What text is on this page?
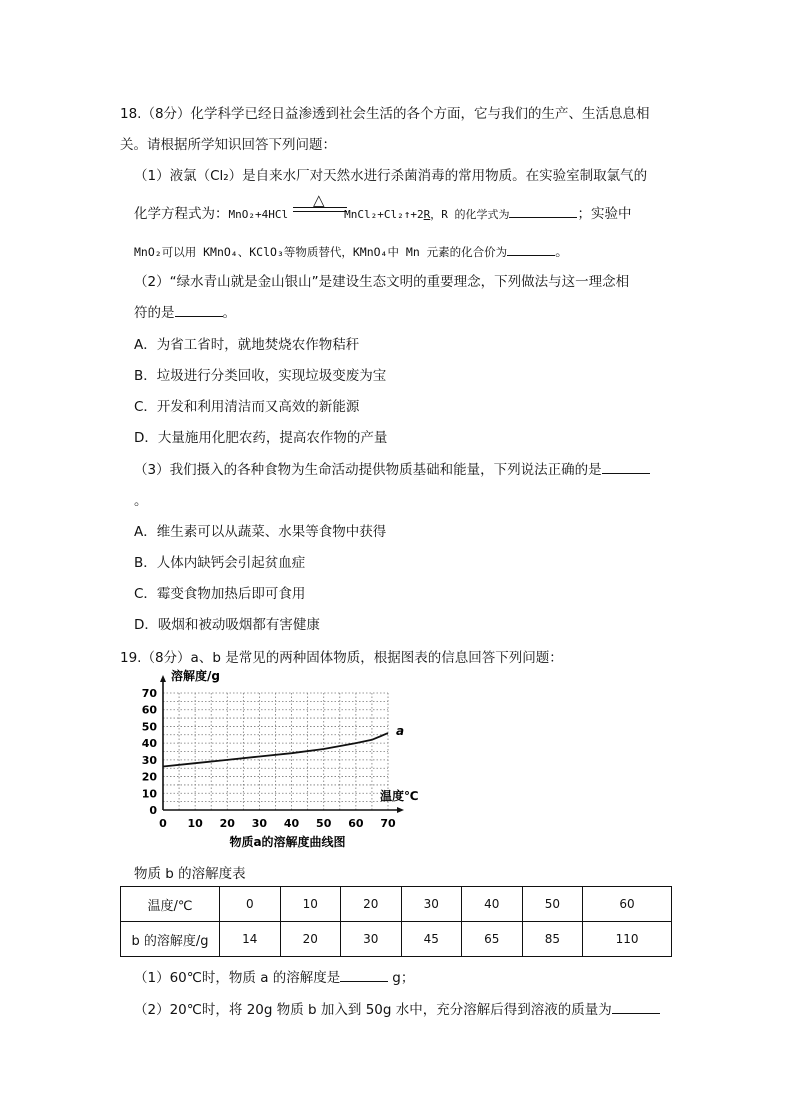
18.（8分）化学科学已经日益渗透到社会生活的各个方面，它与我们的生产、生活息息相
关。请根据所学知识回答下列问题：
（1）液氯（Cl₂）是自来水厂对天然水进行杀菌消毒的常用物质。在实验室制取氯气的
化学方程式为：MnO₂+4HCl	MnCl₂+Cl₂↑+2R，R 的化学式为	；实验中
△
MnO₂可以用 KMnO₄、KClO₃等物质替代，KMnO₄中 Mn 元素的化合价为	。
（2）“绿水青山就是金山银山”是建设生态文明的重要理念，下列做法与这一理念相
符的是	。
A．为省工省时，就地焚烧农作物秸秆
B．垃圾进行分类回收，实现垃圾变废为宝
C．开发和利用清洁而又高效的新能源
D．大量施用化肥农药，提高农作物的产量
（3）我们摄入的各种食物为生命活动提供物质基础和能量，下列说法正确的是
。
A．维生素可以从蔬菜、水果等食物中获得
B．人体内缺钙会引起贫血症
C．霉变食物加热后即可食用
D．吸烟和被动吸烟都有害健康
19.（8分）a、b 是常见的两种固体物质，根据图表的信息回答下列问题：
0 10 20 30 40 50 60 70
0
10
20
30
40
50
60
70
a
溶解度/g
温度℃
物质a的溶解度曲线图
物质 b 的溶解度表
温度/℃	0	10	20	30	40	50	60
b 的溶解度/g	14	20	30	45	65	85	110
（1）60℃时，物质 a 的溶解度是	g；
（2）20℃时，将 20g 物质 b 加入到 50g 水中，充分溶解后得到溶液的质量为
